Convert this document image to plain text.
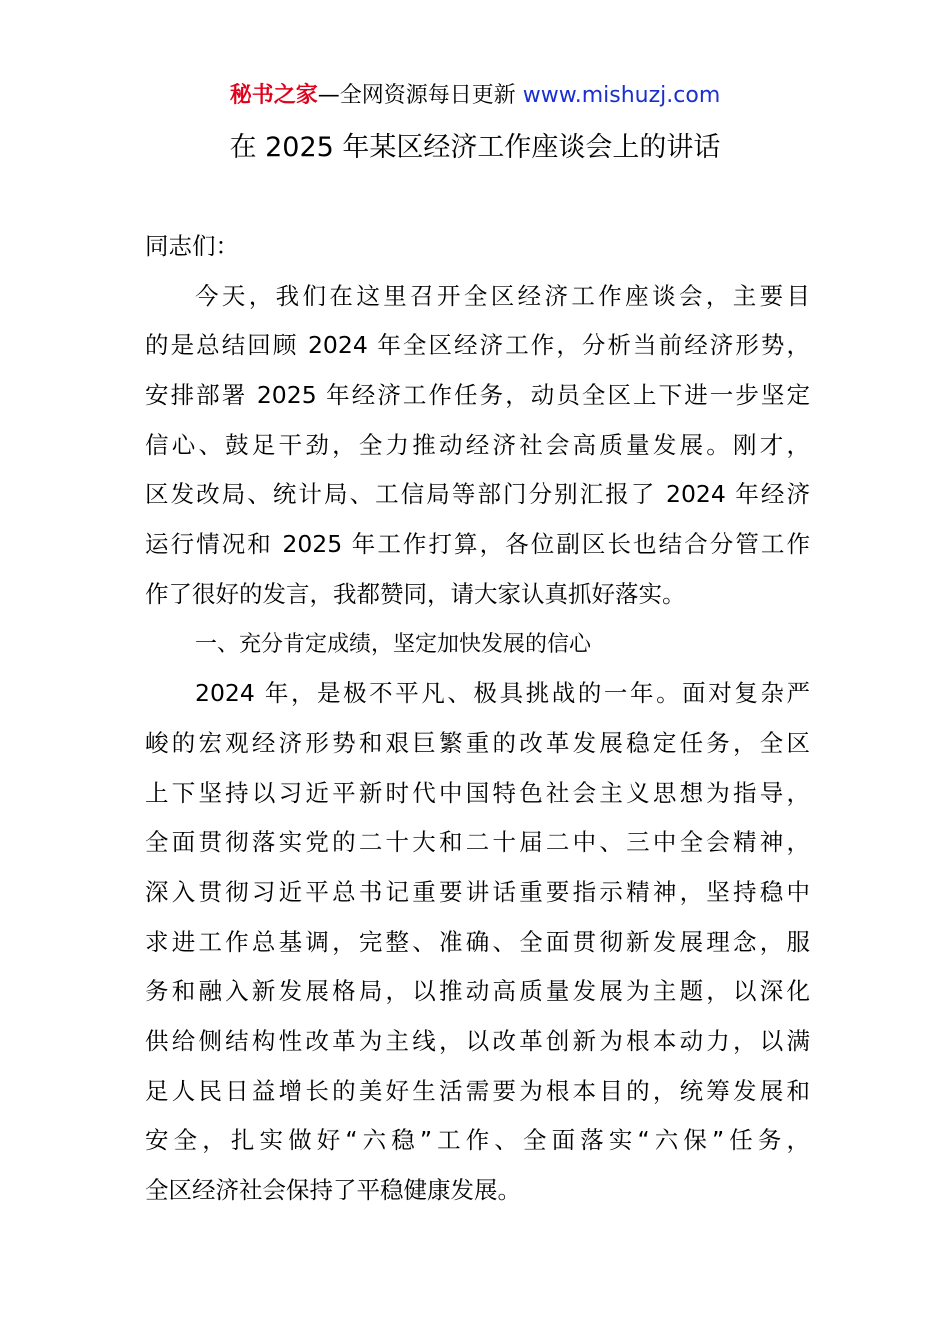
秘书之家—全网资源每日更新 www.mishuzj.com
在 2025 年某区经济工作座谈会上的讲话
同志们：
今天，我们在这里召开全区经济工作座谈会，主要目
的是总结回顾 2024 年全区经济工作，分析当前经济形势，
安排部署 2025 年经济工作任务，动员全区上下进一步坚定
信心、鼓足干劲，全力推动经济社会高质量发展。刚才，
区发改局、统计局、工信局等部门分别汇报了 2024 年经济
运行情况和 2025 年工作打算，各位副区长也结合分管工作
作了很好的发言，我都赞同，请大家认真抓好落实。
一、充分肯定成绩，坚定加快发展的信心
2024 年，是极不平凡、极具挑战的一年。面对复杂严
峻的宏观经济形势和艰巨繁重的改革发展稳定任务，全区
上下坚持以习近平新时代中国特色社会主义思想为指导，
全面贯彻落实党的二十大和二十届二中、三中全会精神，
深入贯彻习近平总书记重要讲话重要指示精神，坚持稳中
求进工作总基调，完整、准确、全面贯彻新发展理念，服
务和融入新发展格局，以推动高质量发展为主题，以深化
供给侧结构性改革为主线，以改革创新为根本动力，以满
足人民日益增长的美好生活需要为根本目的，统筹发展和
安全，扎实做好“六稳”工作、全面落实“六保”任务，
全区经济社会保持了平稳健康发展。
